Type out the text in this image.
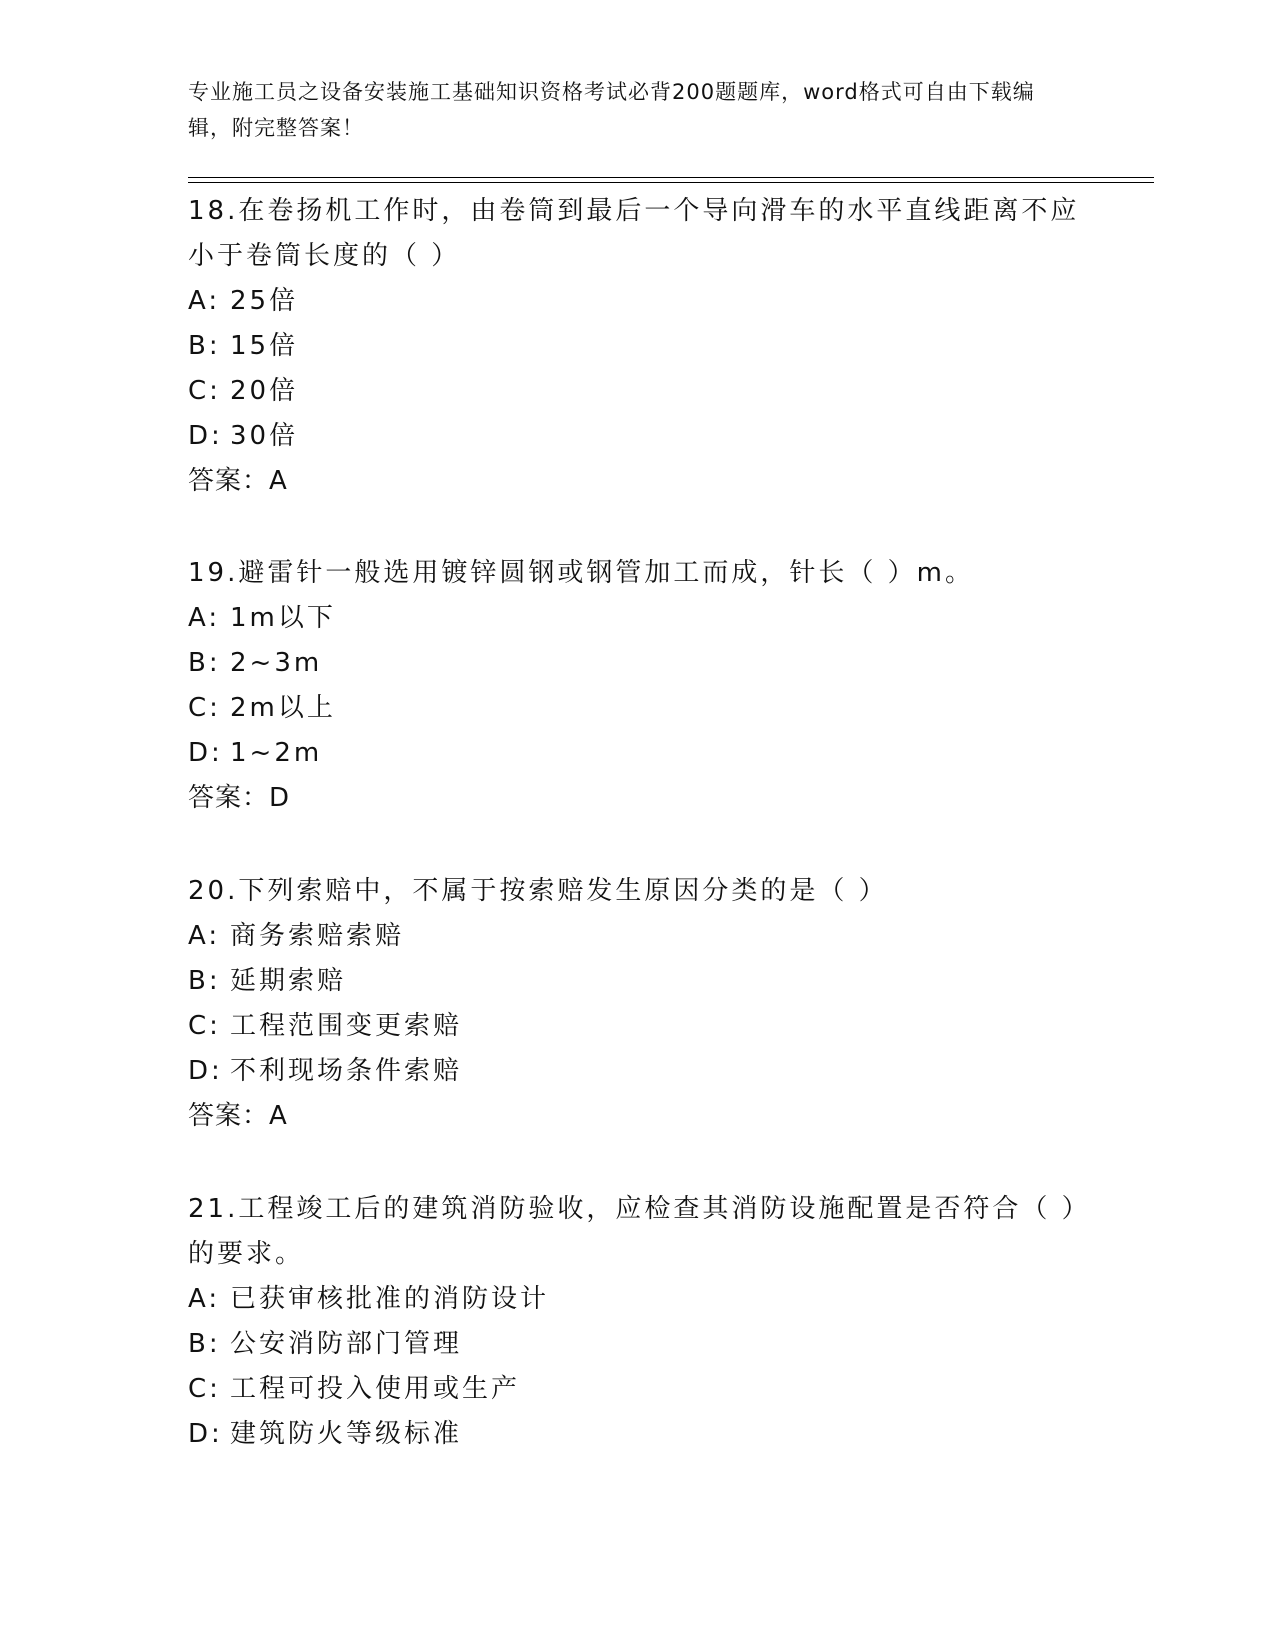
专业施工员之设备安装施工基础知识资格考试必背200题题库，word格式可自由下载编辑，附完整答案！

18.在卷扬机工作时，由卷筒到最后一个导向滑车的水平直线距离不应小于卷筒长度的（ ）

A: 25倍
B: 15倍
C: 20倍
D: 30倍
答案：A

19.避雷针一般选用镀锌圆钢或钢管加工而成，针长（ ）m。

A: 1m以下
B: 2~3m
C: 2m以上
D: 1~2m
答案：D

20.下列索赔中，不属于按索赔发生原因分类的是（ ）

A: 商务索赔索赔
B: 延期索赔
C: 工程范围变更索赔
D: 不利现场条件索赔
答案：A

21.工程竣工后的建筑消防验收，应检查其消防设施配置是否符合（ ）的要求。

A: 已获审核批准的消防设计
B: 公安消防部门管理
C: 工程可投入使用或生产
D: 建筑防火等级标准
